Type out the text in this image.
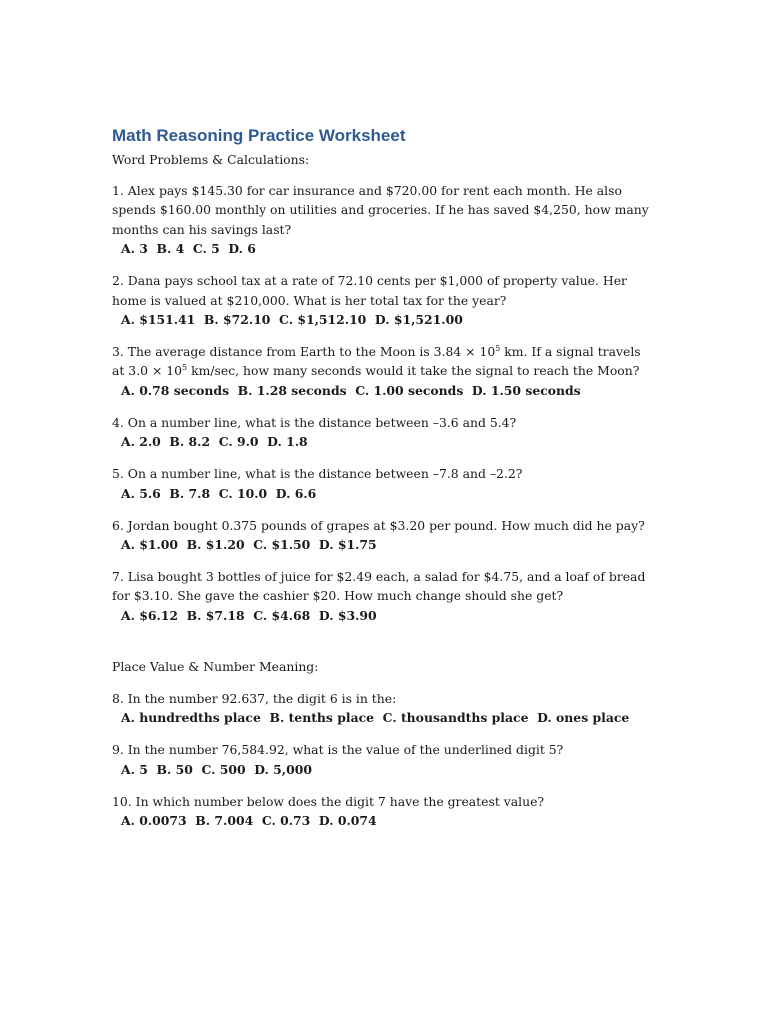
Math Reasoning Practice Worksheet

Word Problems & Calculations:

1. Alex pays $145.30 for car insurance and $720.00 for rent each month. He also spends $160.00 monthly on utilities and groceries. If he has saved $4,250, how many months can his savings last?

A. 3  B. 4  C. 5  D. 6

2. Dana pays school tax at a rate of 72.10 cents per $1,000 of property value. Her home is valued at $210,000. What is her total tax for the year?

A. $151.41  B. $72.10  C. $1,512.10  D. $1,521.00

3. The average distance from Earth to the Moon is $3.84 \times 10^5$ km. If a signal travels at $3.0 \times 10^5$ km/sec, how many seconds would it take the signal to reach the Moon?

A. 0.78 seconds  B. 1.28 seconds  C. 1.00 seconds  D. 1.50 seconds

4. On a number line, what is the distance between –3.6 and 5.4?

A. 2.0  B. 8.2  C. 9.0  D. 1.8

5. On a number line, what is the distance between –7.8 and –2.2?

A. 5.6  B. 7.8  C. 10.0  D. 6.6

6. Jordan bought 0.375 pounds of grapes at $3.20 per pound. How much did he pay?

A. $1.00  B. $1.20  C. $1.50  D. $1.75

7. Lisa bought 3 bottles of juice for $2.49 each, a salad for $4.75, and a loaf of bread for $3.10. She gave the cashier $20. How much change should she get?

A. $6.12  B. $7.18  C. $4.68  D. $3.90

Place Value & Number Meaning:

8. In the number 92.637, the digit 6 is in the:

A. hundredths place  B. tenths place  C. thousandths place  D. ones place

9. In the number 76,584.92, what is the value of the underlined digit 5?

A. 5  B. 50  C. 500  D. 5,000

10. In which number below does the digit 7 have the greatest value?

A. 0.0073  B. 7.004  C. 0.73  D. 0.074
